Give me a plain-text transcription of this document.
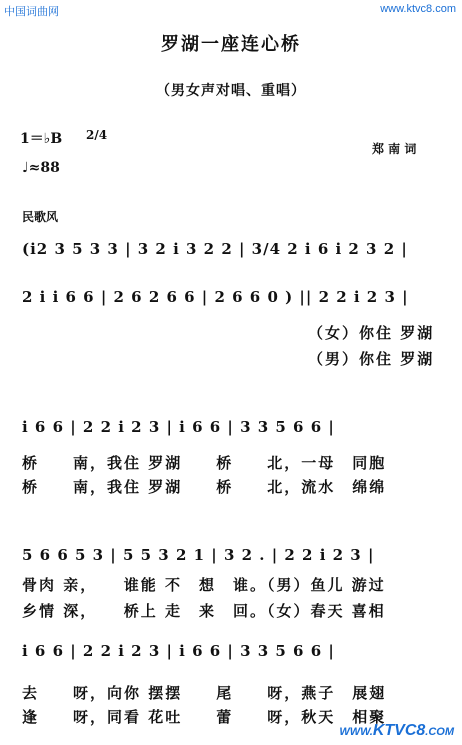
中国词曲网	www.ktvc8.com
罗湖一座连心桥
（男女声对唱、重唱）
1＝♭B 2/4
♩≈88
郑 南 词
民歌风
(i2 3 5 3 3 | 3 2 i 3 2 2 | 3/4 2 i 6 i 2 3 2 |
2 i i 6 6 | 2 6 2 6 6 | 2 6 6 0 ) || 2 2 i 2 3 |
（女）你住 罗湖
（男）你住 罗湖
i 6 6 | 2 2 i 2 3 | i 6 6 | 3 3 5 6 6 |
桥　　南，我住 罗湖　　桥　　北，一母　同胞
桥　　南，我住 罗湖　　桥　　北，流水　绵绵
5 6 6 5 3 | 5 5 3 2 1 | 3 2 . | 2 2 i 2 3 |
骨肉 亲，　　谁能 不　想　谁。（男）鱼儿 游过
乡情 深，　　桥上 走　来　回。（女）春天 喜相
i 6 6 | 2 2 i 2 3 | i 6 6 | 3 3 5 6 6 |
去　　呀，向你 摆摆　　尾　　呀，燕子　展翅
逢　　呀，同看 花吐　　蕾　　呀，秋天　相聚
WWW.KTVC8.COM
